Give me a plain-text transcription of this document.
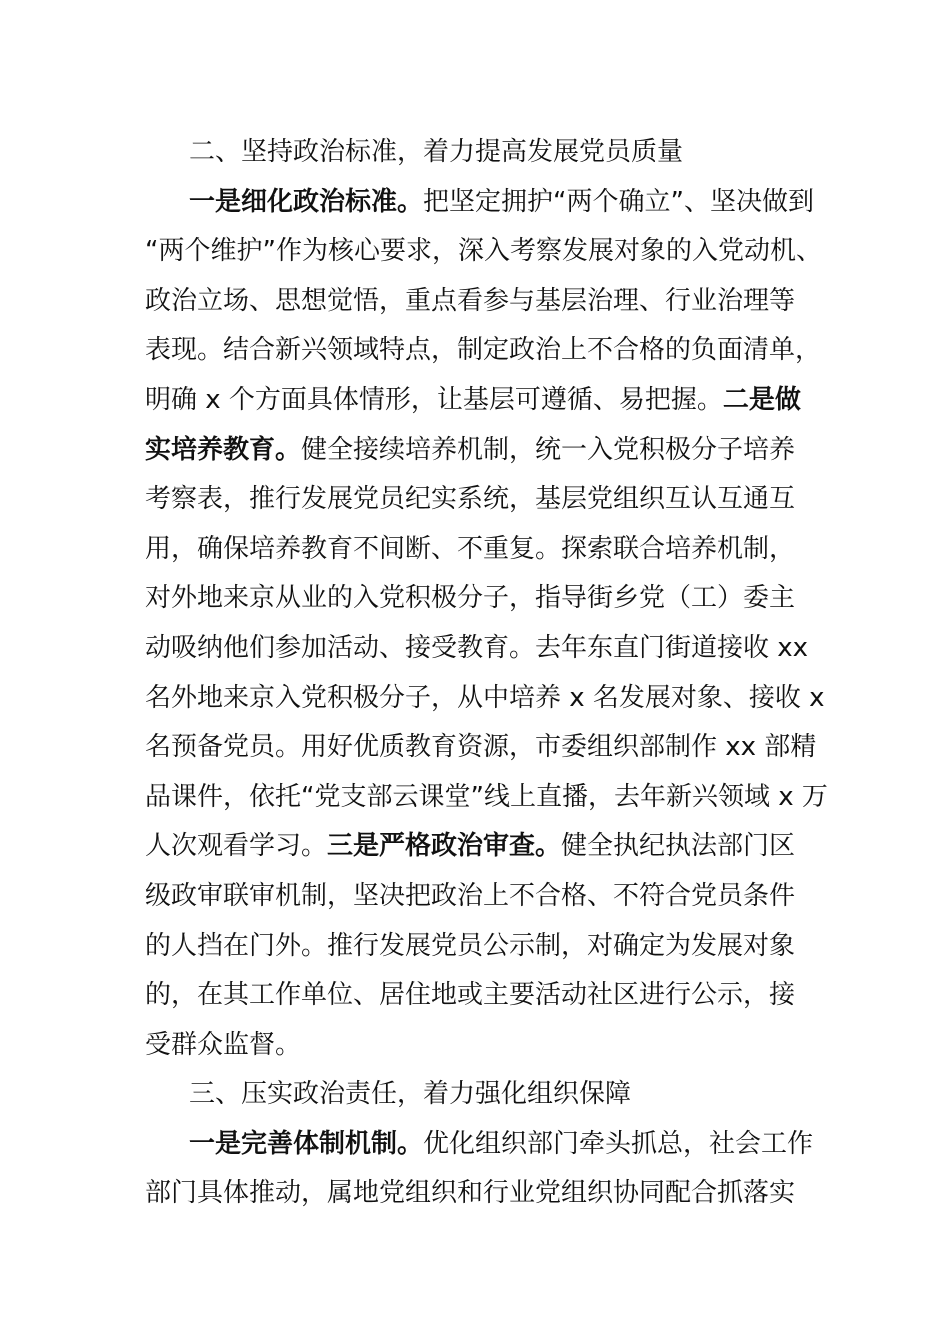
二、坚持政治标准，着力提高发展党员质量
一是细化政治标准。把坚定拥护“两个确立”、坚决做到
“两个维护”作为核心要求，深入考察发展对象的入党动机、
政治立场、思想觉悟，重点看参与基层治理、行业治理等
表现。结合新兴领域特点，制定政治上不合格的负面清单，
明确 x 个方面具体情形，让基层可遵循、易把握。二是做
实培养教育。健全接续培养机制，统一入党积极分子培养
考察表，推行发展党员纪实系统，基层党组织互认互通互
用，确保培养教育不间断、不重复。探索联合培养机制，
对外地来京从业的入党积极分子，指导街乡党（工）委主
动吸纳他们参加活动、接受教育。去年东直门街道接收 xx
名外地来京入党积极分子，从中培养 x 名发展对象、接收 x
名预备党员。用好优质教育资源，市委组织部制作 xx 部精
品课件，依托“党支部云课堂”线上直播，去年新兴领域 x 万
人次观看学习。三是严格政治审查。健全执纪执法部门区
级政审联审机制，坚决把政治上不合格、不符合党员条件
的人挡在门外。推行发展党员公示制，对确定为发展对象
的，在其工作单位、居住地或主要活动社区进行公示，接
受群众监督。
三、压实政治责任，着力强化组织保障
一是完善体制机制。优化组织部门牵头抓总，社会工作
部门具体推动，属地党组织和行业党组织协同配合抓落实
